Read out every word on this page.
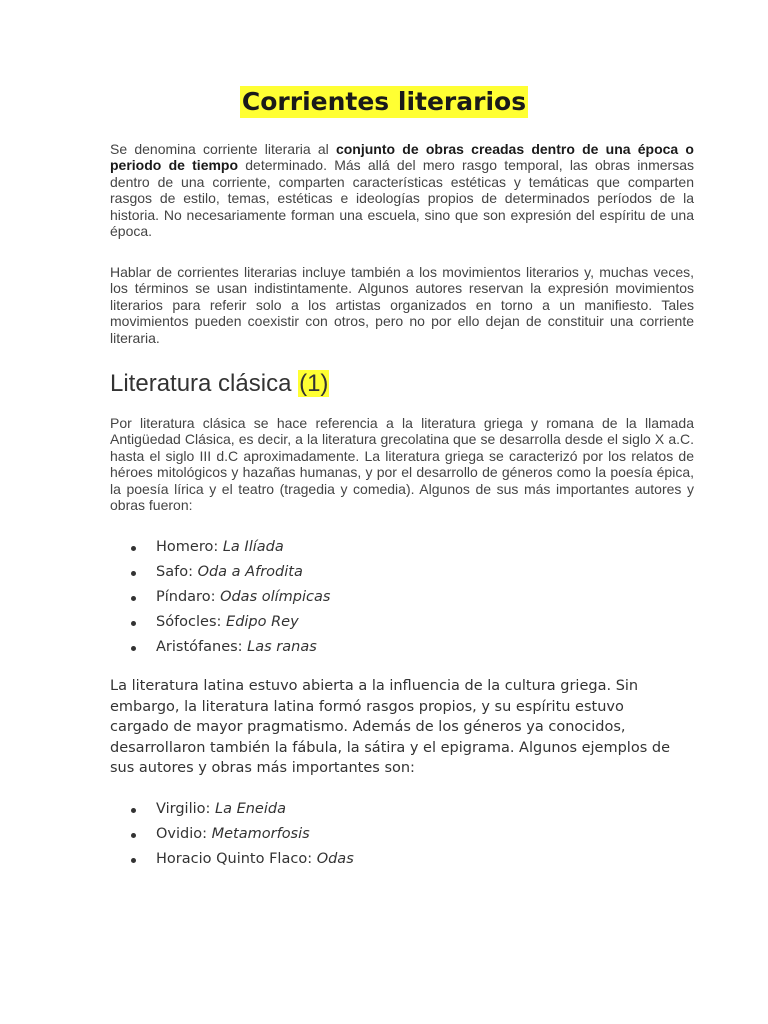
Corrientes literarios

Se denomina corriente literaria al conjunto de obras creadas dentro de una época o periodo de tiempo determinado. Más allá del mero rasgo temporal, las obras inmersas dentro de una corriente, comparten características estéticas y temáticas que comparten rasgos de estilo, temas, estéticas e ideologías propios de determinados períodos de la historia. No necesariamente forman una escuela, sino que son expresión del espíritu de una época.

Hablar de corrientes literarias incluye también a los movimientos literarios y, muchas veces, los términos se usan indistintamente. Algunos autores reservan la expresión movimientos literarios para referir solo a los artistas organizados en torno a un manifiesto. Tales movimientos pueden coexistir con otros, pero no por ello dejan de constituir una corriente literaria.

Literatura clásica (1)

Por literatura clásica se hace referencia a la literatura griega y romana de la llamada Antigüedad Clásica, es decir, a la literatura grecolatina que se desarrolla desde el siglo X a.C. hasta el siglo III d.C aproximadamente. La literatura griega se caracterizó por los relatos de héroes mitológicos y hazañas humanas, y por el desarrollo de géneros como la poesía épica, la poesía lírica y el teatro (tragedia y comedia). Algunos de sus más importantes autores y obras fueron:

Homero: La Ilíada
Safo: Oda a Afrodita
Píndaro: Odas olímpicas
Sófocles: Edipo Rey
Aristófanes: Las ranas

La literatura latina estuvo abierta a la influencia de la cultura griega. Sin embargo, la literatura latina formó rasgos propios, y su espíritu estuvo cargado de mayor pragmatismo. Además de los géneros ya conocidos, desarrollaron también la fábula, la sátira y el epigrama. Algunos ejemplos de sus autores y obras más importantes son:

Virgilio: La Eneida
Ovidio: Metamorfosis
Horacio Quinto Flaco: Odas
